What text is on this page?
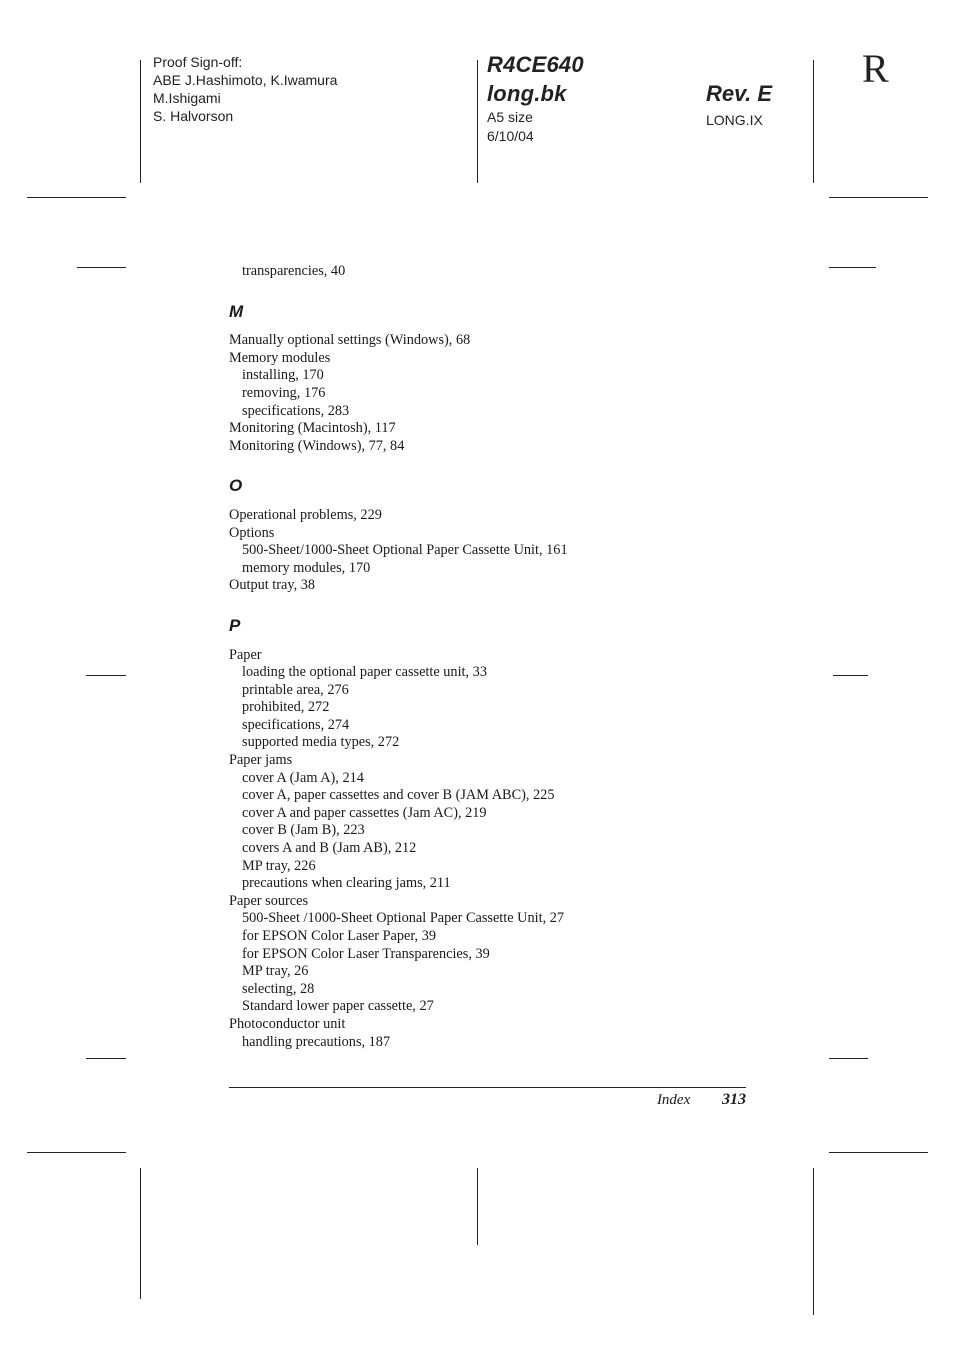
Proof Sign-off:
ABE J.Hashimoto, K.Iwamura
M.Ishigami
S. Halvorson
R4CE640
long.bk
A5 size
6/10/04
Rev. E
LONG.IX
R
transparencies, 40
M
Manually optional settings (Windows), 68
Memory modules
installing, 170
removing, 176
specifications, 283
Monitoring (Macintosh), 117
Monitoring (Windows), 77, 84
O
Operational problems, 229
Options
500-Sheet/1000-Sheet Optional Paper Cassette Unit, 161
memory modules, 170
Output tray, 38
P
Paper
loading the optional paper cassette unit, 33
printable area, 276
prohibited, 272
specifications, 274
supported media types, 272
Paper jams
cover A (Jam A), 214
cover A, paper cassettes and cover B (JAM ABC), 225
cover A and paper cassettes (Jam AC), 219
cover B (Jam B), 223
covers A and B (Jam AB), 212
MP tray, 226
precautions when clearing jams, 211
Paper sources
500-Sheet /1000-Sheet Optional Paper Cassette Unit, 27
for EPSON Color Laser Paper, 39
for EPSON Color Laser Transparencies, 39
MP tray, 26
selecting, 28
Standard lower paper cassette, 27
Photoconductor unit
handling precautions, 187
Index 313
